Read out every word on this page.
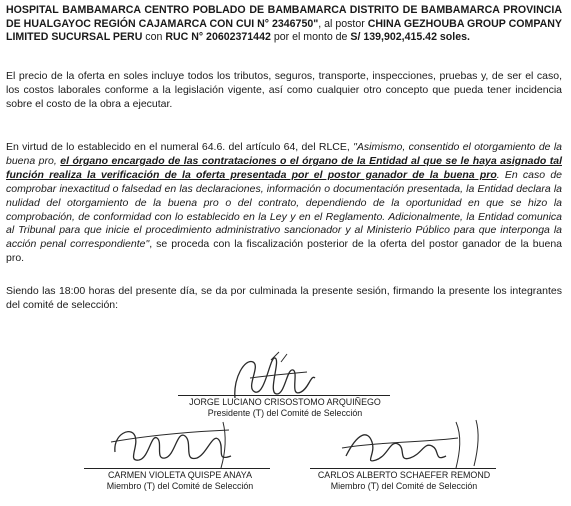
HOSPITAL BAMBAMARCA CENTRO POBLADO DE BAMBAMARCA DISTRITO DE BAMBAMARCA PROVINCIA DE HUALGAYOC REGIÓN CAJAMARCA CON CUI N° 2346750", al postor CHINA GEZHOUBA GROUP COMPANY LIMITED SUCURSAL PERU con RUC N° 20602371442 por el monto de S/ 139,902,415.42 soles.
El precio de la oferta en soles incluye todos los tributos, seguros, transporte, inspecciones, pruebas y, de ser el caso, los costos laborales conforme a la legislación vigente, así como cualquier otro concepto que pueda tener incidencia sobre el costo de la obra a ejecutar.
En virtud de lo establecido en el numeral 64.6. del artículo 64, del RLCE, "Asimismo, consentido el otorgamiento de la buena pro, el órgano encargado de las contrataciones o el órgano de la Entidad al que se le haya asignado tal función realiza la verificación de la oferta presentada por el postor ganador de la buena pro. En caso de comprobar inexactitud o falsedad en las declaraciones, información o documentación presentada, la Entidad declara la nulidad del otorgamiento de la buena pro o del contrato, dependiendo de la oportunidad en que se hizo la comprobación, de conformidad con lo establecido en la Ley y en el Reglamento. Adicionalmente, la Entidad comunica al Tribunal para que inicie el procedimiento administrativo sancionador y al Ministerio Público para que interponga la acción penal correspondiente", se proceda con la fiscalización posterior de la oferta del postor ganador de la buena pro.
Siendo las 18:00 horas del presente día, se da por culminada la presente sesión, firmando la presente los integrantes del comité de selección:
JORGE LUCIANO CRISOSTOMO ARQUIÑEGO
Presidente (T) del Comité de Selección
CARMEN VIOLETA QUISPE ANAYA
Miembro (T) del Comité de Selección
CARLOS ALBERTO SCHAEFER REMOND
Miembro (T) del Comité de Selección
